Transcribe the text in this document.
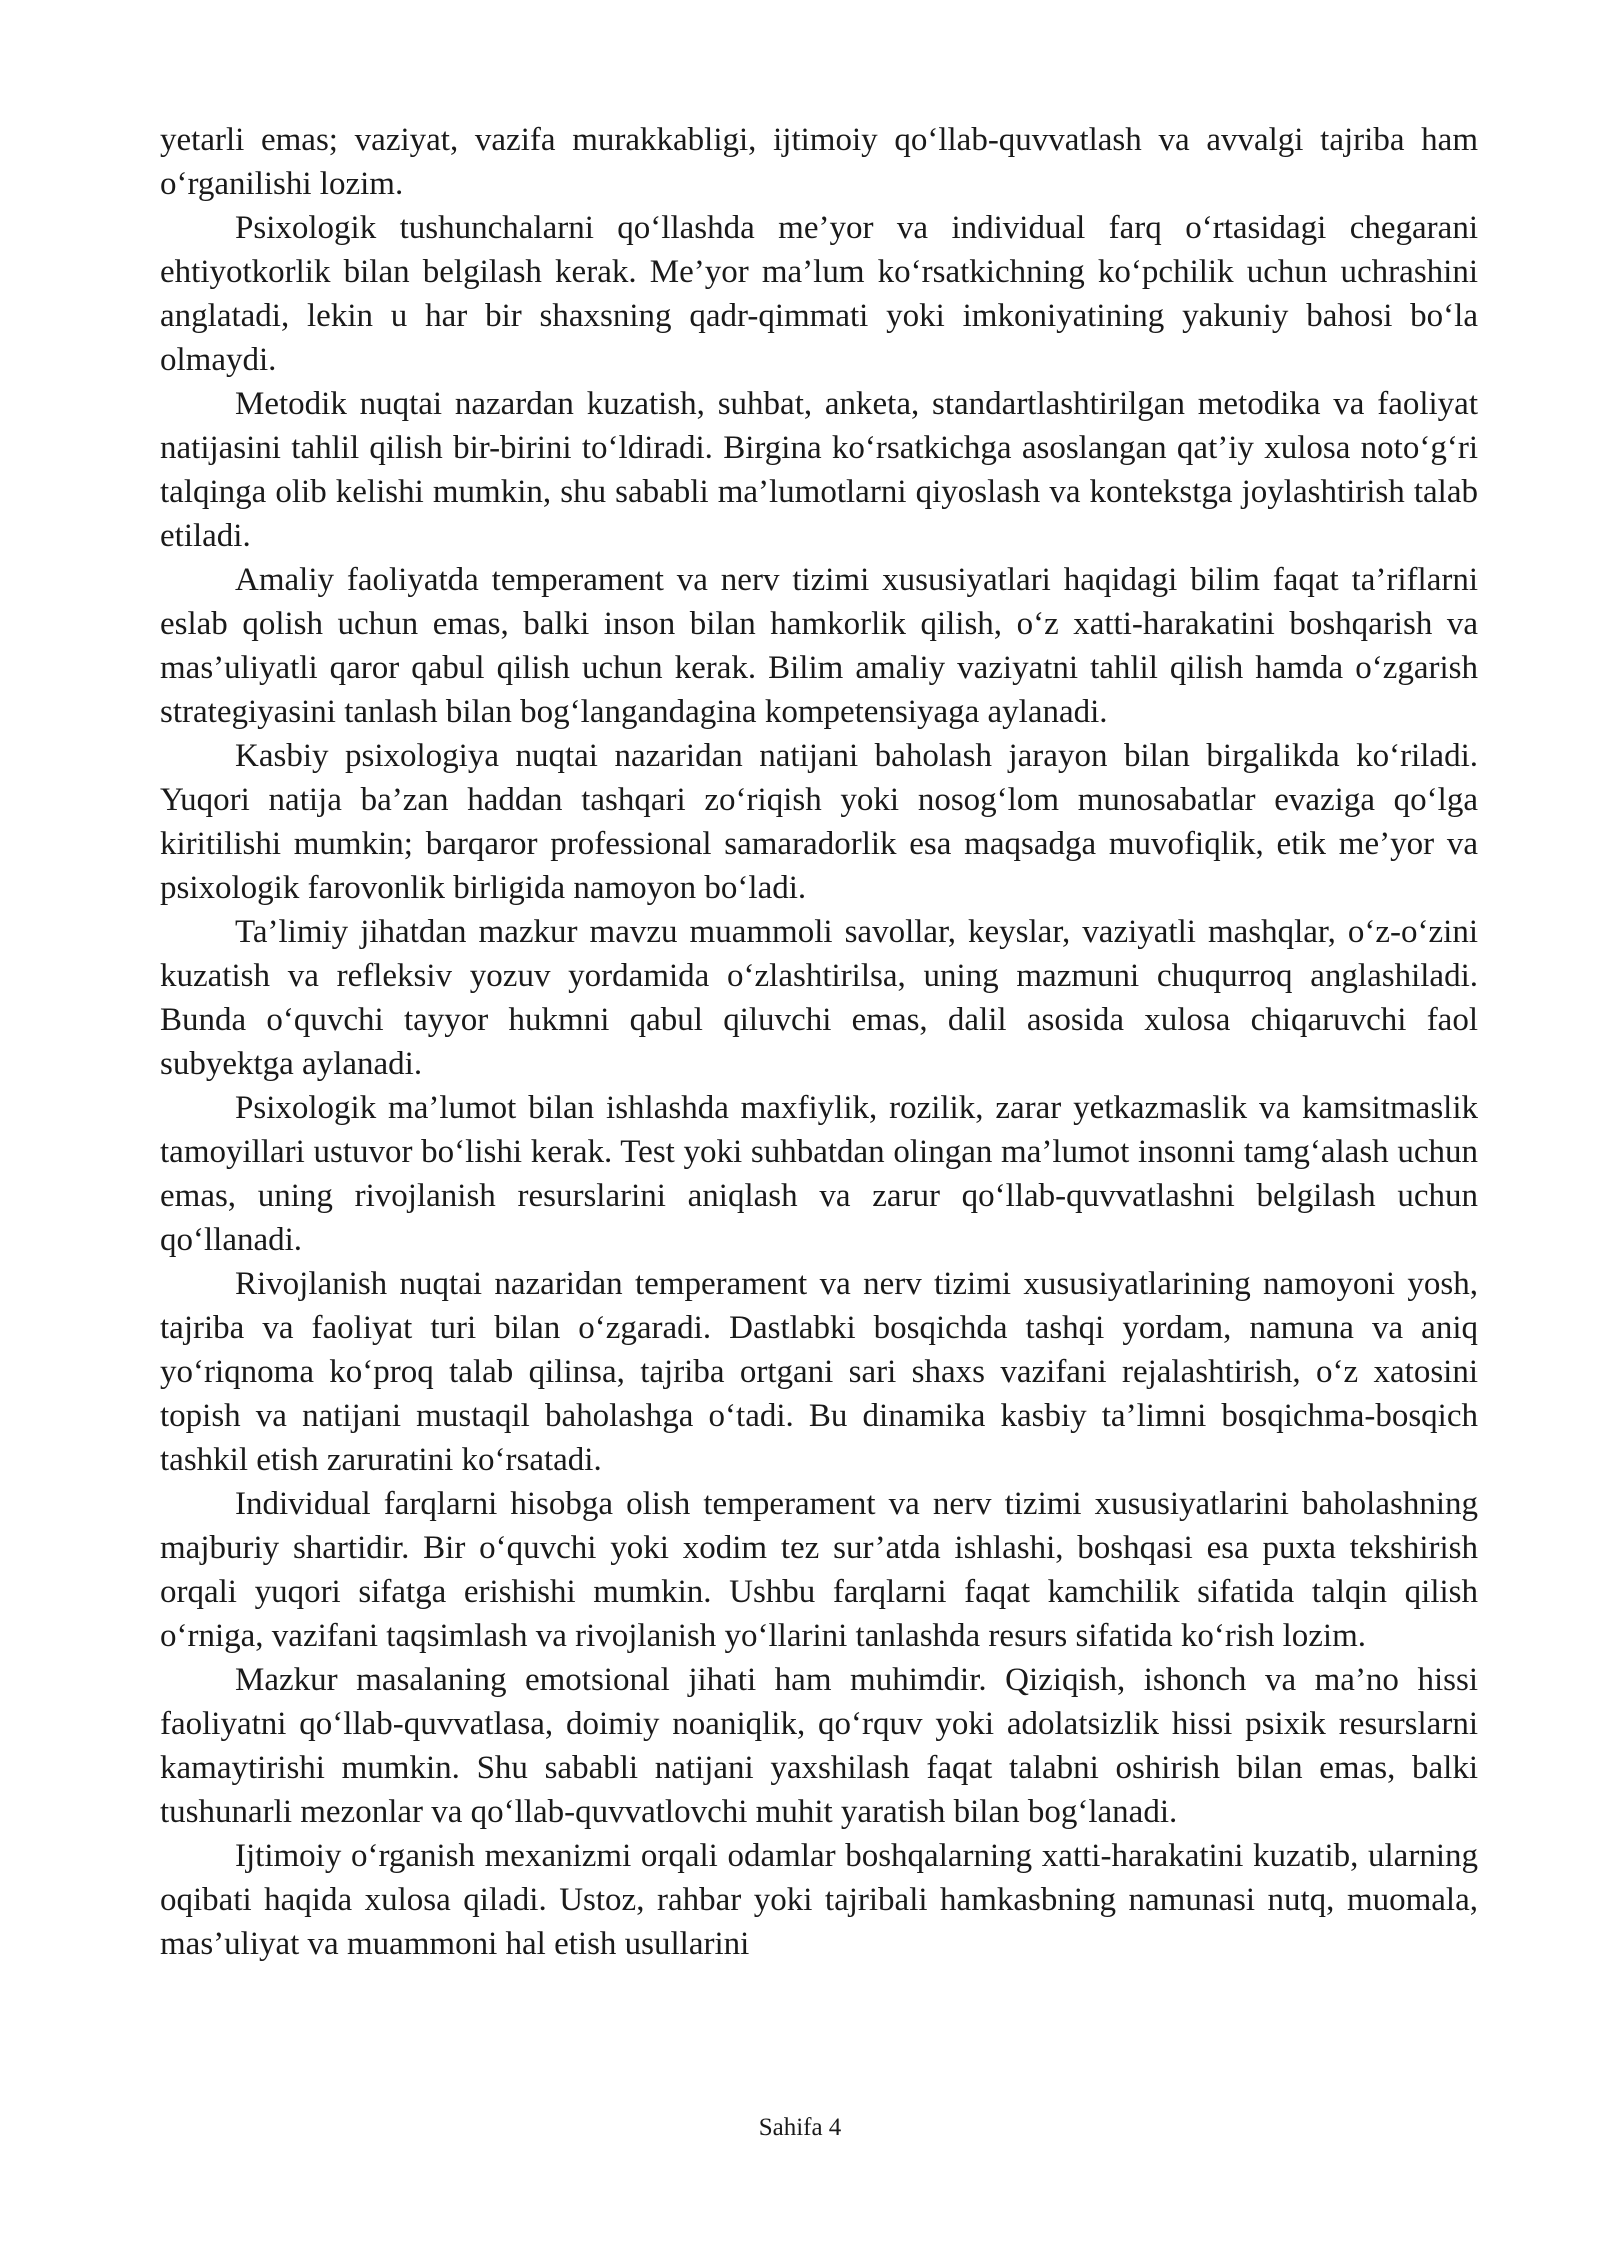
yetarli emas; vaziyat, vazifa murakkabligi, ijtimoiy qo‘llab-quvvatlash va avvalgi tajriba ham o‘rganilishi lozim.

Psixologik tushunchalarni qo‘llashda me’yor va individual farq o‘rtasidagi chegarani ehtiyotkorlik bilan belgilash kerak. Me’yor ma’lum ko‘rsatkichning ko‘pchilik uchun uchrashini anglatadi, lekin u har bir shaxsning qadr-qimmati yoki imkoniyatining yakuniy bahosi bo‘la olmaydi.

Metodik nuqtai nazardan kuzatish, suhbat, anketa, standartlashtirilgan metodika va faoliyat natijasini tahlil qilish bir-birini to‘ldiradi. Birgina ko‘rsatkichga asoslangan qat’iy xulosa noto‘g‘ri talqinga olib kelishi mumkin, shu sababli ma’lumotlarni qiyoslash va kontekstga joylashtirish talab etiladi.

Amaliy faoliyatda temperament va nerv tizimi xususiyatlari haqidagi bilim faqat ta’riflarni eslab qolish uchun emas, balki inson bilan hamkorlik qilish, o‘z xatti-harakatini boshqarish va mas’uliyatli qaror qabul qilish uchun kerak. Bilim amaliy vaziyatni tahlil qilish hamda o‘zgarish strategiyasini tanlash bilan bog‘langandagina kompetensiyaga aylanadi.

Kasbiy psixologiya nuqtai nazaridan natijani baholash jarayon bilan birgalikda ko‘riladi. Yuqori natija ba’zan haddan tashqari zo‘riqish yoki nosog‘lom munosabatlar evaziga qo‘lga kiritilishi mumkin; barqaror professional samaradorlik esa maqsadga muvofiqlik, etik me’yor va psixologik farovonlik birligida namoyon bo‘ladi.

Ta’limiy jihatdan mazkur mavzu muammoli savollar, keyslar, vaziyatli mashqlar, o‘z-o‘zini kuzatish va refleksiv yozuv yordamida o‘zlashtirilsa, uning mazmuni chuqurroq anglashiladi. Bunda o‘quvchi tayyor hukmni qabul qiluvchi emas, dalil asosida xulosa chiqaruvchi faol subyektga aylanadi.

Psixologik ma’lumot bilan ishlashda maxfiylik, rozilik, zarar yetkazmaslik va kamsitmaslik tamoyillari ustuvor bo‘lishi kerak. Test yoki suhbatdan olingan ma’lumot insonni tamg‘alash uchun emas, uning rivojlanish resurslarini aniqlash va zarur qo‘llab-quvvatlashni belgilash uchun qo‘llanadi.

Rivojlanish nuqtai nazaridan temperament va nerv tizimi xususiyatlarining namoyoni yosh, tajriba va faoliyat turi bilan o‘zgaradi. Dastlabki bosqichda tashqi yordam, namuna va aniq yo‘riqnoma ko‘proq talab qilinsa, tajriba ortgani sari shaxs vazifani rejalashtirish, o‘z xatosini topish va natijani mustaqil baholashga o‘tadi. Bu dinamika kasbiy ta’limni bosqichma-bosqich tashkil etish zaruratini ko‘rsatadi.

Individual farqlarni hisobga olish temperament va nerv tizimi xususiyatlarini baholashning majburiy shartidir. Bir o‘quvchi yoki xodim tez sur’atda ishlashi, boshqasi esa puxta tekshirish orqali yuqori sifatga erishishi mumkin. Ushbu farqlarni faqat kamchilik sifatida talqin qilish o‘rniga, vazifani taqsimlash va rivojlanish yo‘llarini tanlashda resurs sifatida ko‘rish lozim.

Mazkur masalaning emotsional jihati ham muhimdir. Qiziqish, ishonch va ma’no hissi faoliyatni qo‘llab-quvvatlasa, doimiy noaniqlik, qo‘rquv yoki adolatsizlik hissi psixik resurslarni kamaytirishi mumkin. Shu sababli natijani yaxshilash faqat talabni oshirish bilan emas, balki tushunarli mezonlar va qo‘llab-quvvatlovchi muhit yaratish bilan bog‘lanadi.

Ijtimoiy o‘rganish mexanizmi orqali odamlar boshqalarning xatti-harakatini kuzatib, ularning oqibati haqida xulosa qiladi. Ustoz, rahbar yoki tajribali hamkasbning namunasi nutq, muomala, mas’uliyat va muammoni hal etish usullarini

Sahifa 4
